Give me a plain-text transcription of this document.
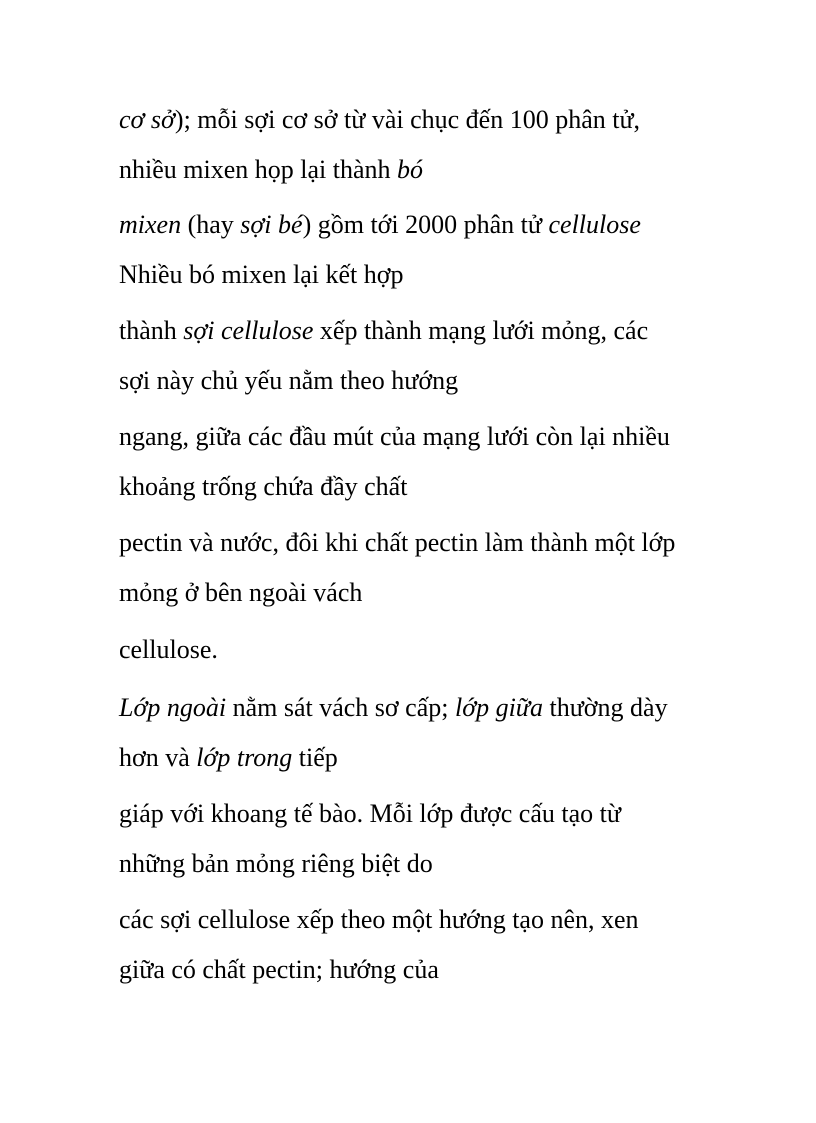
cơ sở); mỗi sợi cơ sở từ vài chục đến 100 phân tử,

nhiều mixen họp lại thành bó

mixen (hay sợi bé) gồm tới 2000 phân tử cellulose

Nhiều bó mixen lại kết hợp

thành sợi cellulose xếp thành mạng lưới mỏng, các

sợi này chủ yếu nằm theo hướng

ngang, giữa các đầu mút của mạng lưới còn lại nhiều

khoảng trống chứa đầy chất

pectin và nước, đôi khi chất pectin làm thành một lớp

mỏng ở bên ngoài vách

cellulose.

Lớp ngoài nằm sát vách sơ cấp; lớp giữa thường dày

hơn và lớp trong tiếp

giáp với khoang tế bào. Mỗi lớp được cấu tạo từ

những bản mỏng riêng biệt do

các sợi cellulose xếp theo một hướng tạo nên, xen

giữa có chất pectin; hướng của
